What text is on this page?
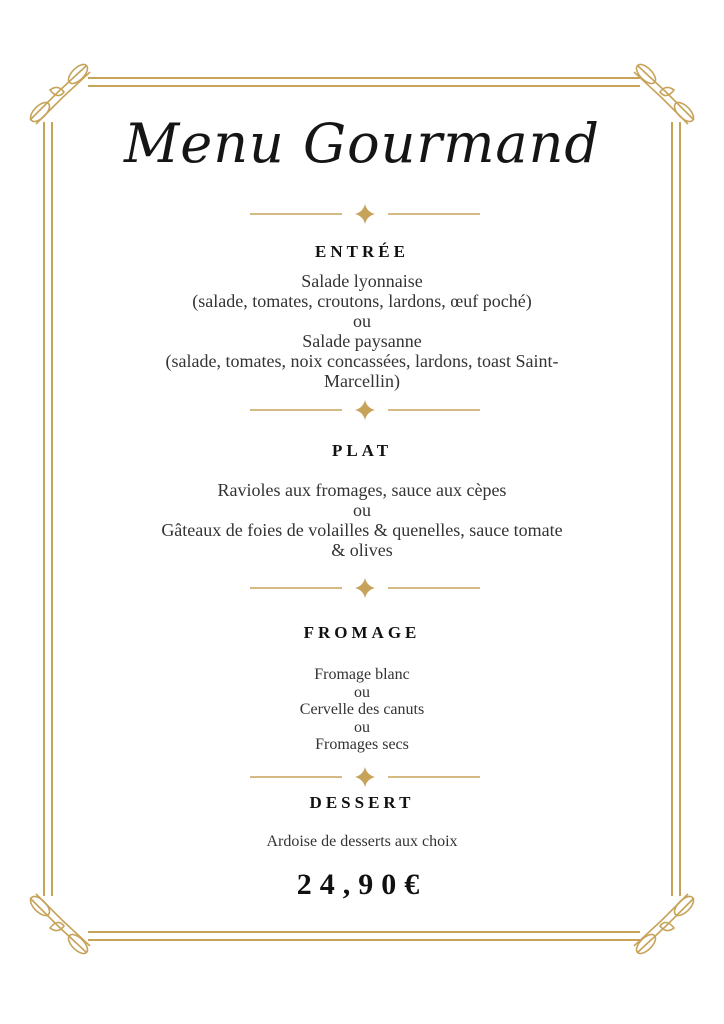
Menu Gourmand
ENTRÉE
Salade lyonnaise
(salade, tomates, croutons, lardons, œuf poché)
ou
Salade paysanne
(salade, tomates, noix concassées, lardons, toast Saint-
Marcellin)
PLAT
Ravioles aux fromages, sauce aux cèpes
ou
Gâteaux de foies de volailles & quenelles, sauce tomate
& olives
FROMAGE
Fromage blanc
ou
Cervelle des canuts
ou
Fromages secs
DESSERT
Ardoise de desserts aux choix
24,90€
